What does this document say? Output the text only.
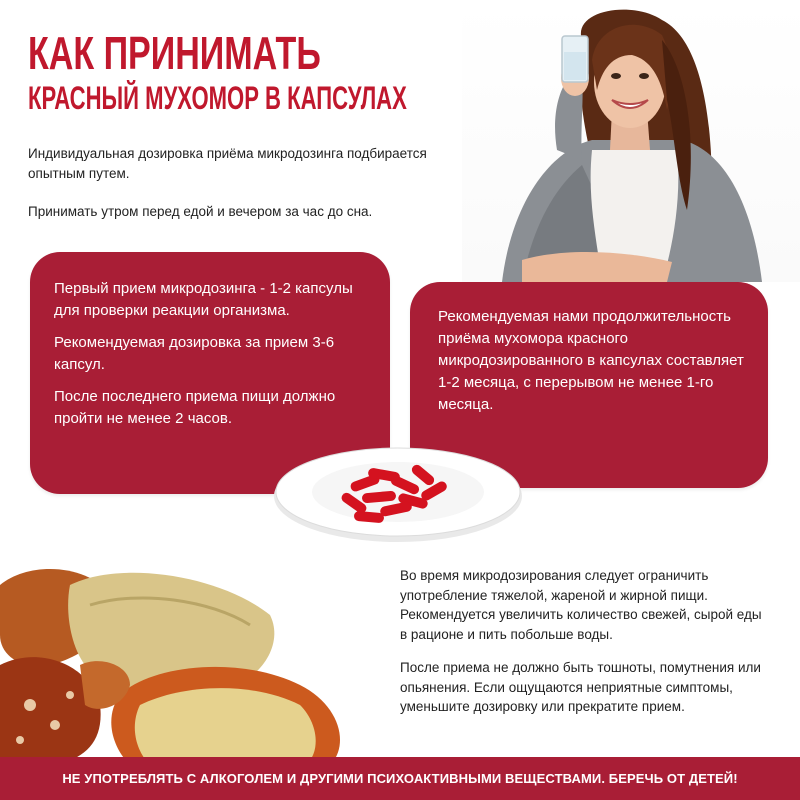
КАК ПРИНИМАТЬ
КРАСНЫЙ МУХОМОР В КАПСУЛАХ
Индивидуальная дозировка приёма микродозинга подбирается опытным путем.
Принимать утром перед едой и вечером за час до сна.

Первый прием микродозинга - 1-2 капсулы для проверки реакции организма.

Рекомендуемая дозировка за прием 3-6 капсул.

После последнего приема пищи должно пройти не менее 2 часов.

Рекомендуемая нами продолжительность приёма мухомора красного микродозированного в капсулах составляет 1-2 месяца, с перерывом не менее 1-го месяца.

Во время микродозирования следует ограничить употребление тяжелой, жареной и жирной пищи. Рекомендуется увеличить количество свежей, сырой еды в рационе и пить побольше воды.
После приема не должно быть тошноты, помутнения или опьянения. Если ощущаются неприятные симптомы, уменьшите дозировку или прекратите прием.
НЕ УПОТРЕБЛЯТЬ С АЛКОГОЛЕМ И ДРУГИМИ ПСИХОАКТИВНЫМИ ВЕЩЕСТВАМИ. БЕРЕЧЬ ОТ ДЕТЕЙ!
